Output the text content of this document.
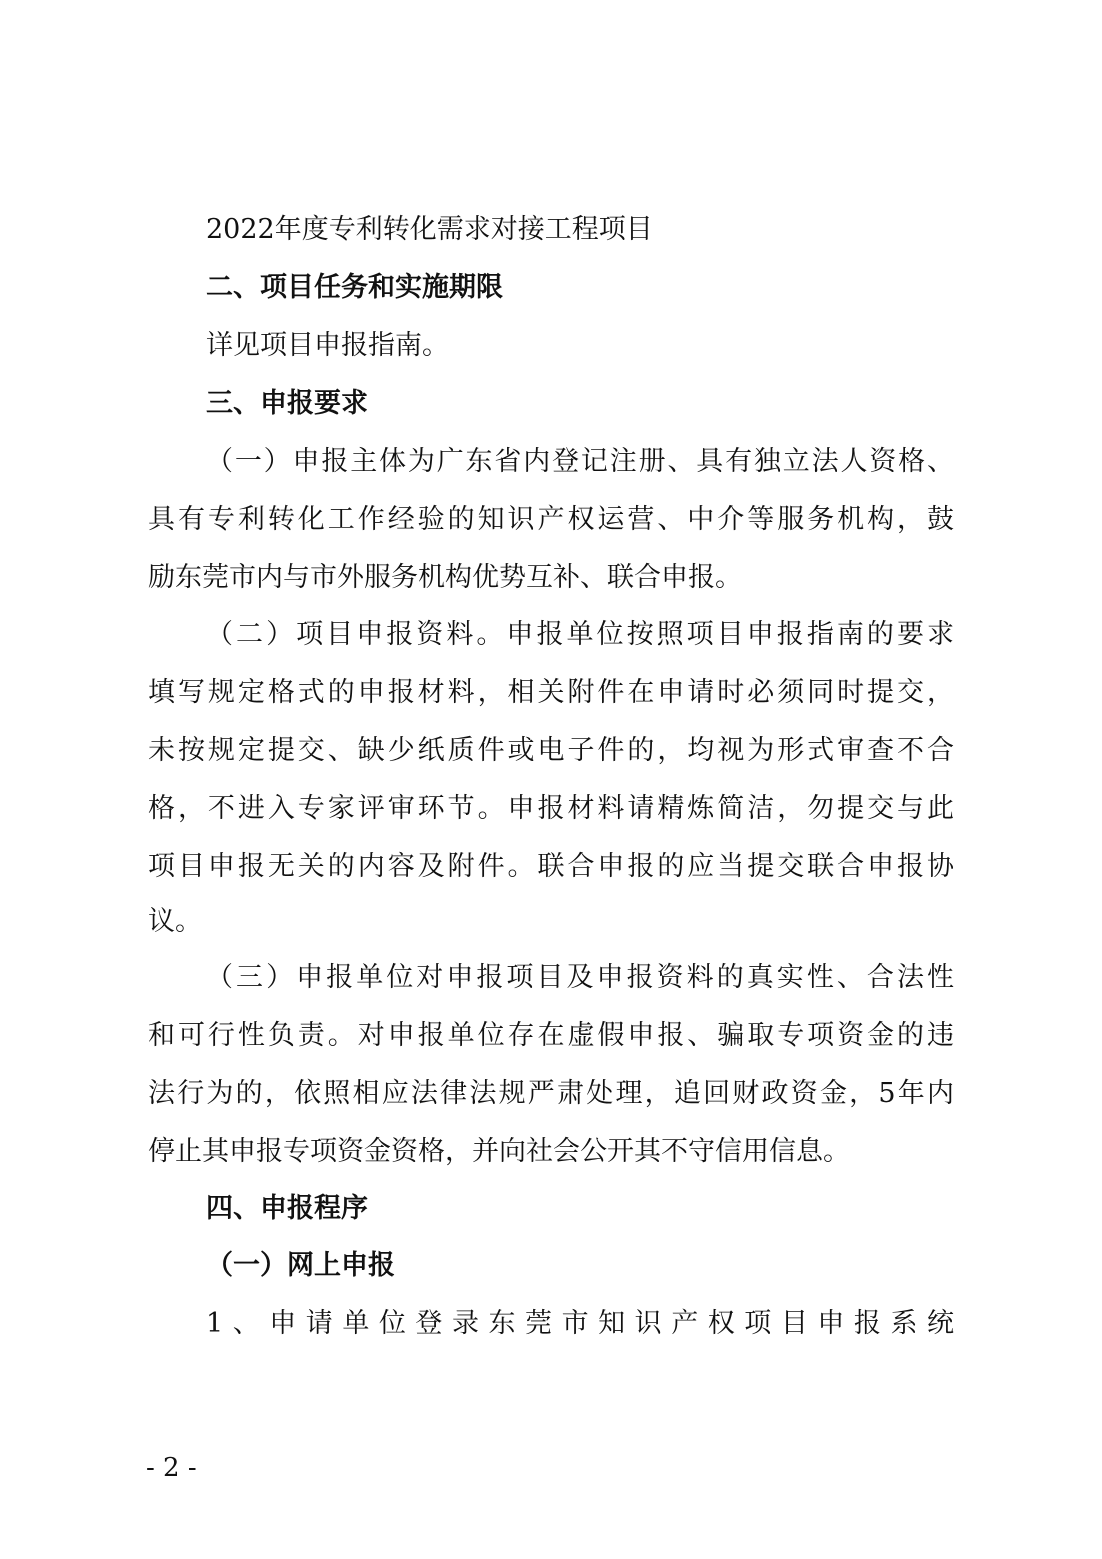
2022年度专利转化需求对接工程项目
二、项目任务和实施期限
详见项目申报指南。
三、申报要求
（一）申报主体为广东省内登记注册、具有独立法人资格、
具有专利转化工作经验的知识产权运营、中介等服务机构，鼓
励东莞市内与市外服务机构优势互补、联合申报。
（二）项目申报资料。申报单位按照项目申报指南的要求
填写规定格式的申报材料，相关附件在申请时必须同时提交，
未按规定提交、缺少纸质件或电子件的，均视为形式审查不合
格，不进入专家评审环节。申报材料请精炼简洁，勿提交与此
项目申报无关的内容及附件。联合申报的应当提交联合申报协
议。
（三）申报单位对申报项目及申报资料的真实性、合法性
和可行性负责。对申报单位存在虚假申报、骗取专项资金的违
法行为的，依照相应法律法规严肃处理，追回财政资金，5年内
停止其申报专项资金资格，并向社会公开其不守信用信息。
四、申报程序
（一）网上申报
1、申请单位登录东莞市知识产权项目申报系统
- 2 -
